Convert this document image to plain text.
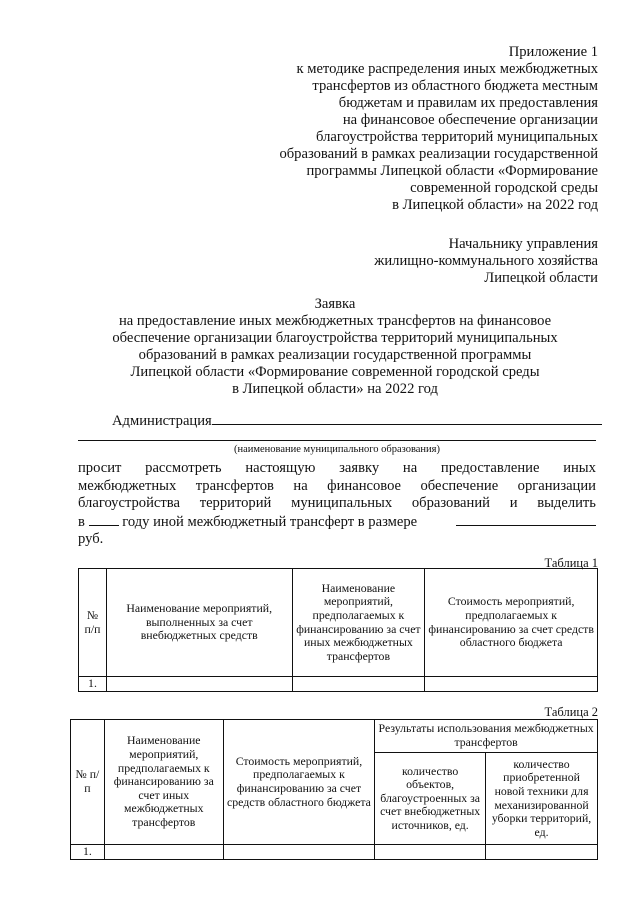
Приложение 1
к методике распределения иных межбюджетных
трансфертов из областного бюджета местным
бюджетам и правилам их предоставления
на финансовое обеспечение организации
благоустройства территорий муниципальных
образований в рамках реализации государственной
программы Липецкой области «Формирование
современной городской среды
в Липецкой области» на 2022 год
Начальнику управления
жилищно-коммунального хозяйства
Липецкой области
Заявка
на предоставление иных межбюджетных трансфертов на финансовое
обеспечение организации благоустройства территорий муниципальных
образований в рамках реализации государственной программы
Липецкой области «Формирование современной городской среды
в Липецкой области» на 2022 год
Администрация
(наименование муниципального образования)
просит рассмотреть настоящую заявку на предоставление иных
межбюджетных трансфертов на финансовое обеспечение организации
благоустройства территорий муниципальных образований и выделить
в	году иной межбюджетный трансферт в размере
руб.
Таблица 1
№ п/п	Наименование мероприятий, выполненных за счет внебюджетных средств	Наименование мероприятий, предполагаемых к финансированию за счет иных межбюджетных трансфертов	Стоимость мероприятий, предполагаемых к финансированию за счет средств областного бюджета
1.			
Таблица 2
№ п/п	Наименование мероприятий, предполагаемых к финансированию за счет иных межбюджетных трансфертов	Стоимость мероприятий, предполагаемых к финансированию за счет средств областного бюджета	Результаты использования межбюджетных трансфертов	
			количество объектов, благоустроенных за счет внебюджетных источников, ед.	количество приобретенной новой техники для механизированной уборки территорий, ед.
1.				
